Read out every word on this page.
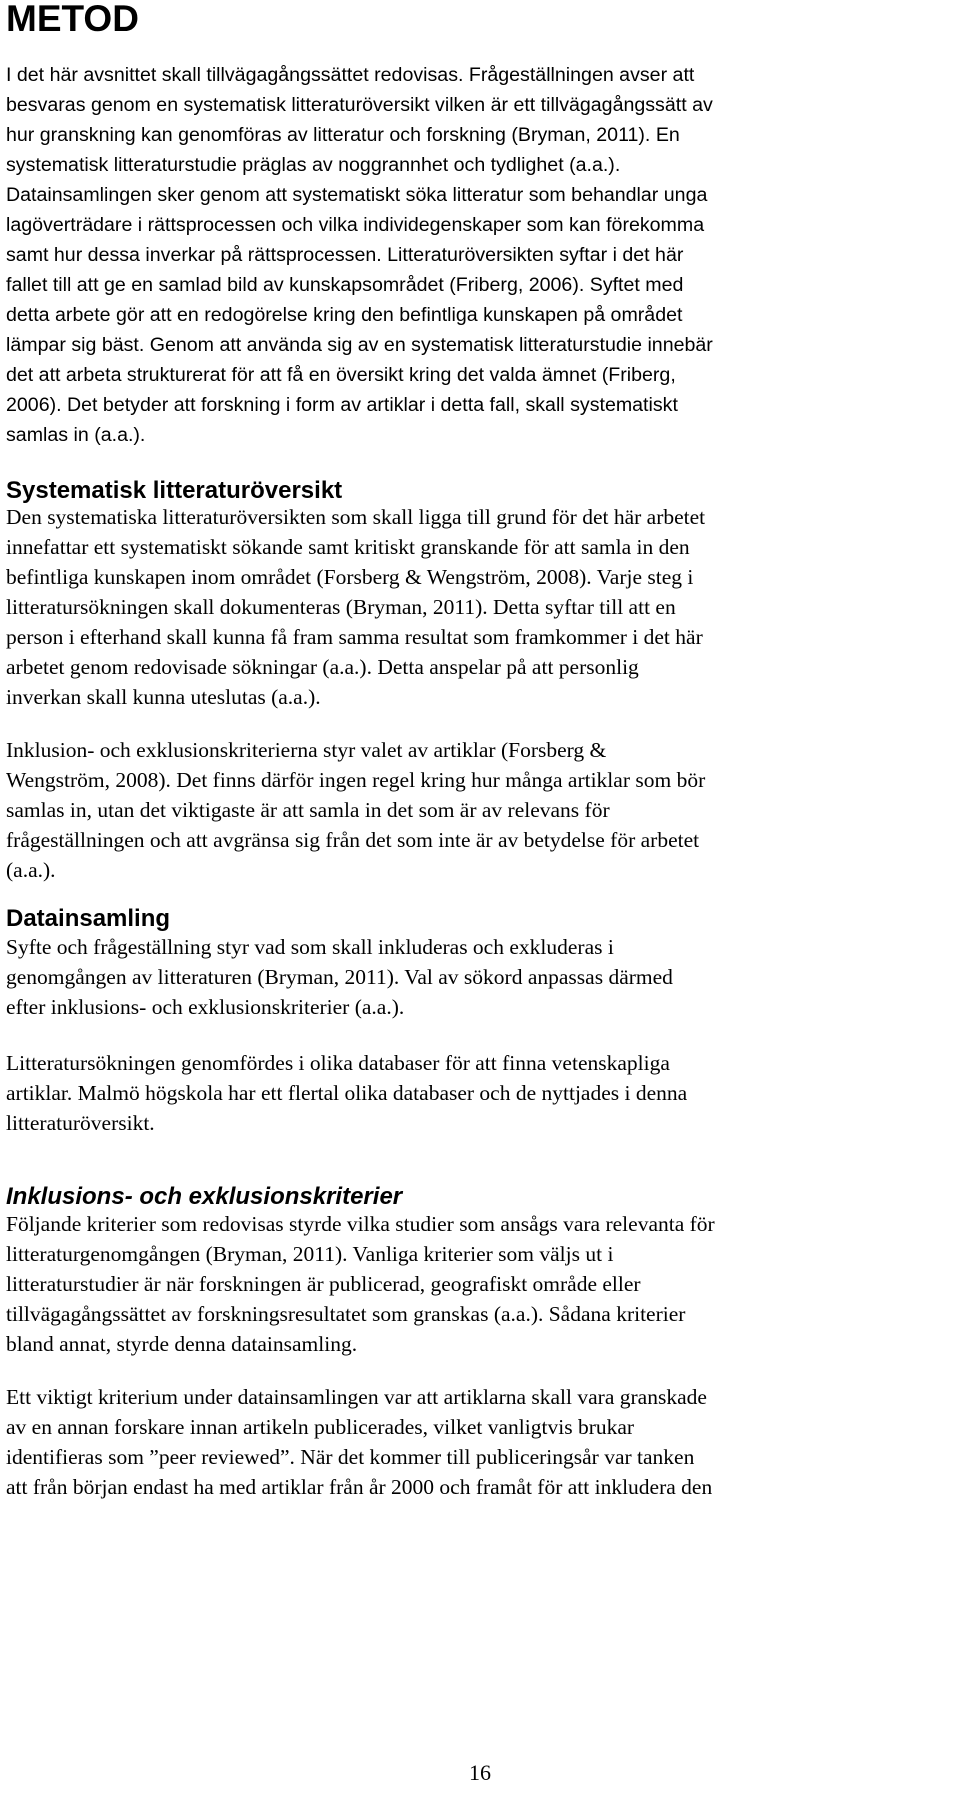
METOD
I det här avsnittet skall tillvägagångssättet redovisas. Frågeställningen avser att
besvaras genom en systematisk litteraturöversikt vilken är ett tillvägagångssätt av
hur granskning kan genomföras av litteratur och forskning (Bryman, 2011). En
systematisk litteraturstudie präglas av noggrannhet och tydlighet (a.a.).
Datainsamlingen sker genom att systematiskt söka litteratur som behandlar unga
lagöverträdare i rättsprocessen och vilka individegenskaper som kan förekomma
samt hur dessa inverkar på rättsprocessen. Litteraturöversikten syftar i det här
fallet till att ge en samlad bild av kunskapsområdet (Friberg, 2006). Syftet med
detta arbete gör att en redogörelse kring den befintliga kunskapen på området
lämpar sig bäst. Genom att använda sig av en systematisk litteraturstudie innebär
det att arbeta strukturerat för att få en översikt kring det valda ämnet (Friberg,
2006). Det betyder att forskning i form av artiklar i detta fall, skall systematiskt
samlas in (a.a.).
Systematisk litteraturöversikt
Den systematiska litteraturöversikten som skall ligga till grund för det här arbetet
innefattar ett systematiskt sökande samt kritiskt granskande för att samla in den
befintliga kunskapen inom området (Forsberg & Wengström, 2008). Varje steg i
litteratursökningen skall dokumenteras (Bryman, 2011). Detta syftar till att en
person i efterhand skall kunna få fram samma resultat som framkommer i det här
arbetet genom redovisade sökningar (a.a.). Detta anspelar på att personlig
inverkan skall kunna uteslutas (a.a.).
Inklusion- och exklusionskriterierna styr valet av artiklar (Forsberg &
Wengström, 2008). Det finns därför ingen regel kring hur många artiklar som bör
samlas in, utan det viktigaste är att samla in det som är av relevans för
frågeställningen och att avgränsa sig från det som inte är av betydelse för arbetet
(a.a.).
Datainsamling
Syfte och frågeställning styr vad som skall inkluderas och exkluderas i
genomgången av litteraturen (Bryman, 2011). Val av sökord anpassas därmed
efter inklusions- och exklusionskriterier (a.a.).
Litteratursökningen genomfördes i olika databaser för att finna vetenskapliga
artiklar. Malmö högskola har ett flertal olika databaser och de nyttjades i denna
litteraturöversikt.
Inklusions- och exklusionskriterier
Följande kriterier som redovisas styrde vilka studier som ansågs vara relevanta för
litteraturgenomgången (Bryman, 2011). Vanliga kriterier som väljs ut i
litteraturstudier är när forskningen är publicerad, geografiskt område eller
tillvägagångssättet av forskningsresultatet som granskas (a.a.). Sådana kriterier
bland annat, styrde denna datainsamling.
Ett viktigt kriterium under datainsamlingen var att artiklarna skall vara granskade
av en annan forskare innan artikeln publicerades, vilket vanligtvis brukar
identifieras som ”peer reviewed”. När det kommer till publiceringsår var tanken
att från början endast ha med artiklar från år 2000 och framåt för att inkludera den
16
